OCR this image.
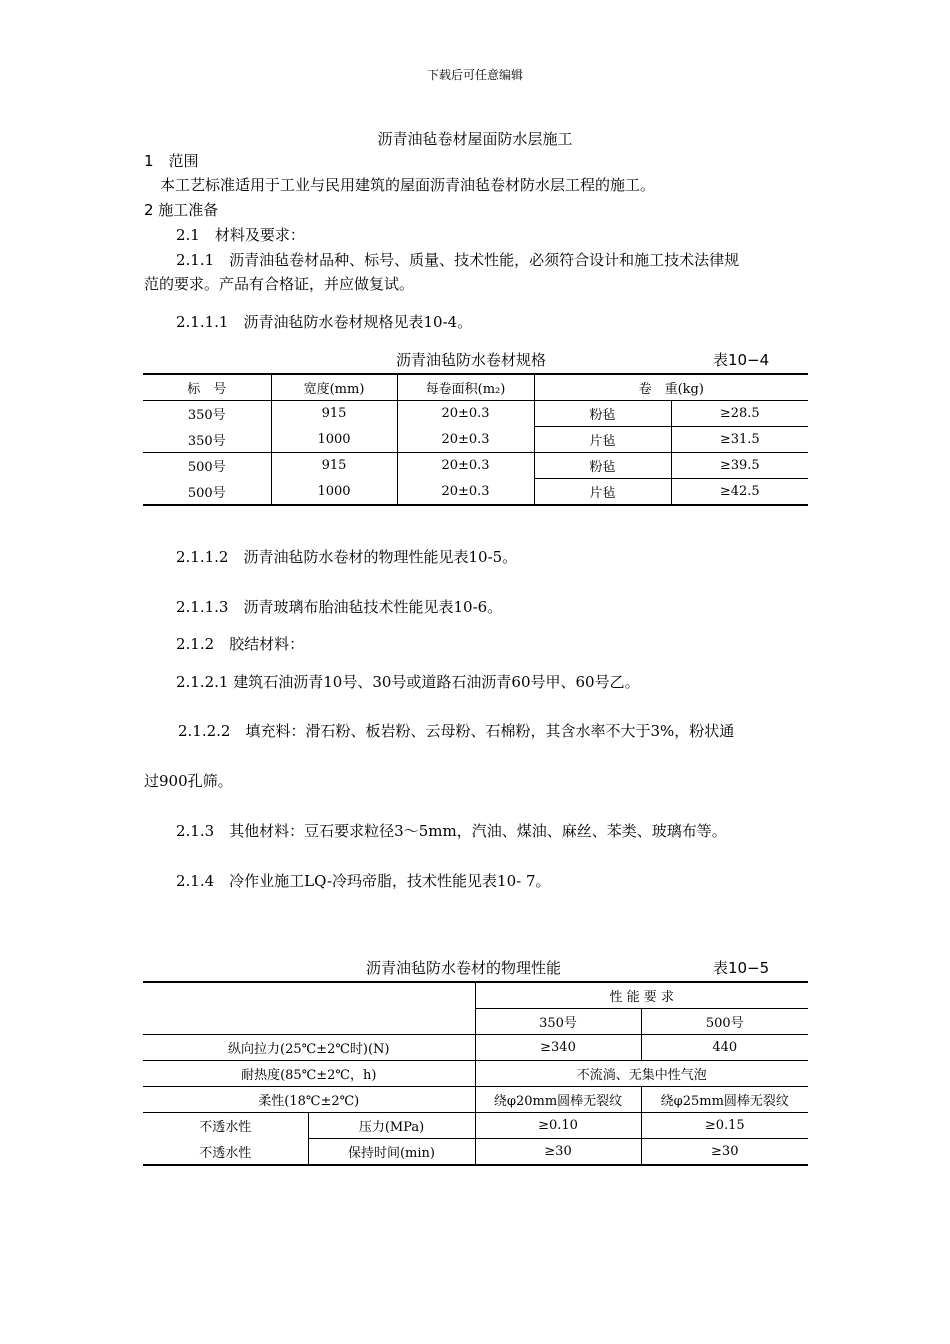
下载后可任意编辑
沥青油毡卷材屋面防水层施工
1　范围
本工艺标准适用于工业与民用建筑的屋面沥青油毡卷材防水层工程的施工。
2 施工准备
2.1　材料及要求：
2.1.1　沥青油毡卷材品种、标号、质量、技术性能，必须符合设计和施工技术法律规
范的要求。产品有合格证，并应做复试。
2.1.1.1　沥青油毡防水卷材规格见表10-4。
沥青油毡防水卷材规格	表10−4
标　号	宽度(mm)	每卷面积(m₂)	卷　重(kg)	
350号	915	20±0.3	粉毡	≥28.5
350号	1000	20±0.3	片毡	≥31.5
500号	915	20±0.3	粉毡	≥39.5
500号	1000	20±0.3	片毡	≥42.5
2.1.1.2　沥青油毡防水卷材的物理性能见表10-5。
2.1.1.3　沥青玻璃布胎油毡技术性能见表10-6。
2.1.2　胶结材料：
2.1.2.1 建筑石油沥青10号、30号或道路石油沥青60号甲、60号乙。
2.1.2.2　填充料：滑石粉、板岩粉、云母粉、石棉粉，其含水率不大于3%，粉状通
过900孔筛。
2.1.3　其他材料：豆石要求粒径3～5mm，汽油、煤油、麻丝、苯类、玻璃布等。
2.1.4　冷作业施工LQ-冷玛帝脂，技术性能见表10- 7。
沥青油毡防水卷材的物理性能	表10−5
		性 能 要 求	
		350号	500号
纵向拉力(25℃±2℃时)(N)		≥340	440
耐热度(85℃±2℃，h)		不流淌、无集中性气泡	
柔性(18℃±2℃)		绕φ20mm圆棒无裂纹	绕φ25mm圆棒无裂纹
不透水性	压力(MPa)	≥0.10	≥0.15
不透水性	保持时间(min)	≥30	≥30
